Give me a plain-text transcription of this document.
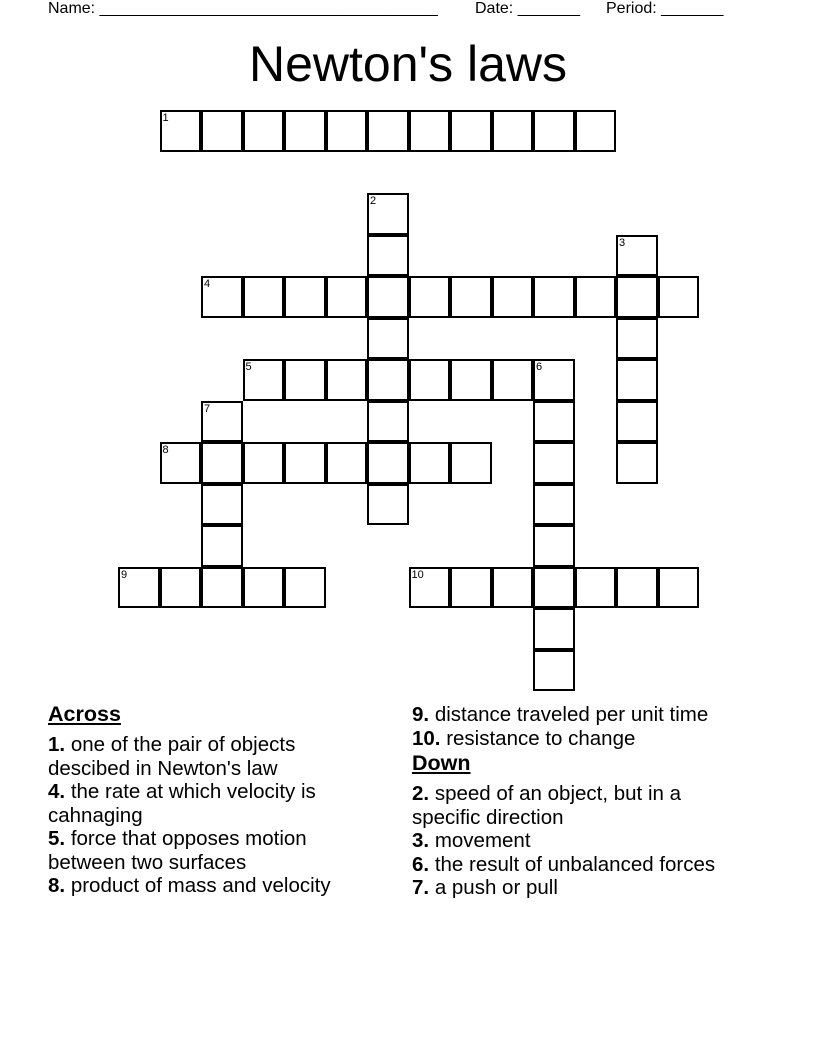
Name: ______________________________________ Date: _______ Period: _______
Newton's laws
1
2
3
4
5	6
7
8
9	10
Across
1. one of the pair of objects descibed in Newton's law
4. the rate at which velocity is cahnaging
5. force that opposes motion between two surfaces
8. product of mass and velocity
9. distance traveled per unit time
10. resistance to change
Down
2. speed of an object, but in a specific direction
3. movement
6. the result of unbalanced forces
7. a push or pull
